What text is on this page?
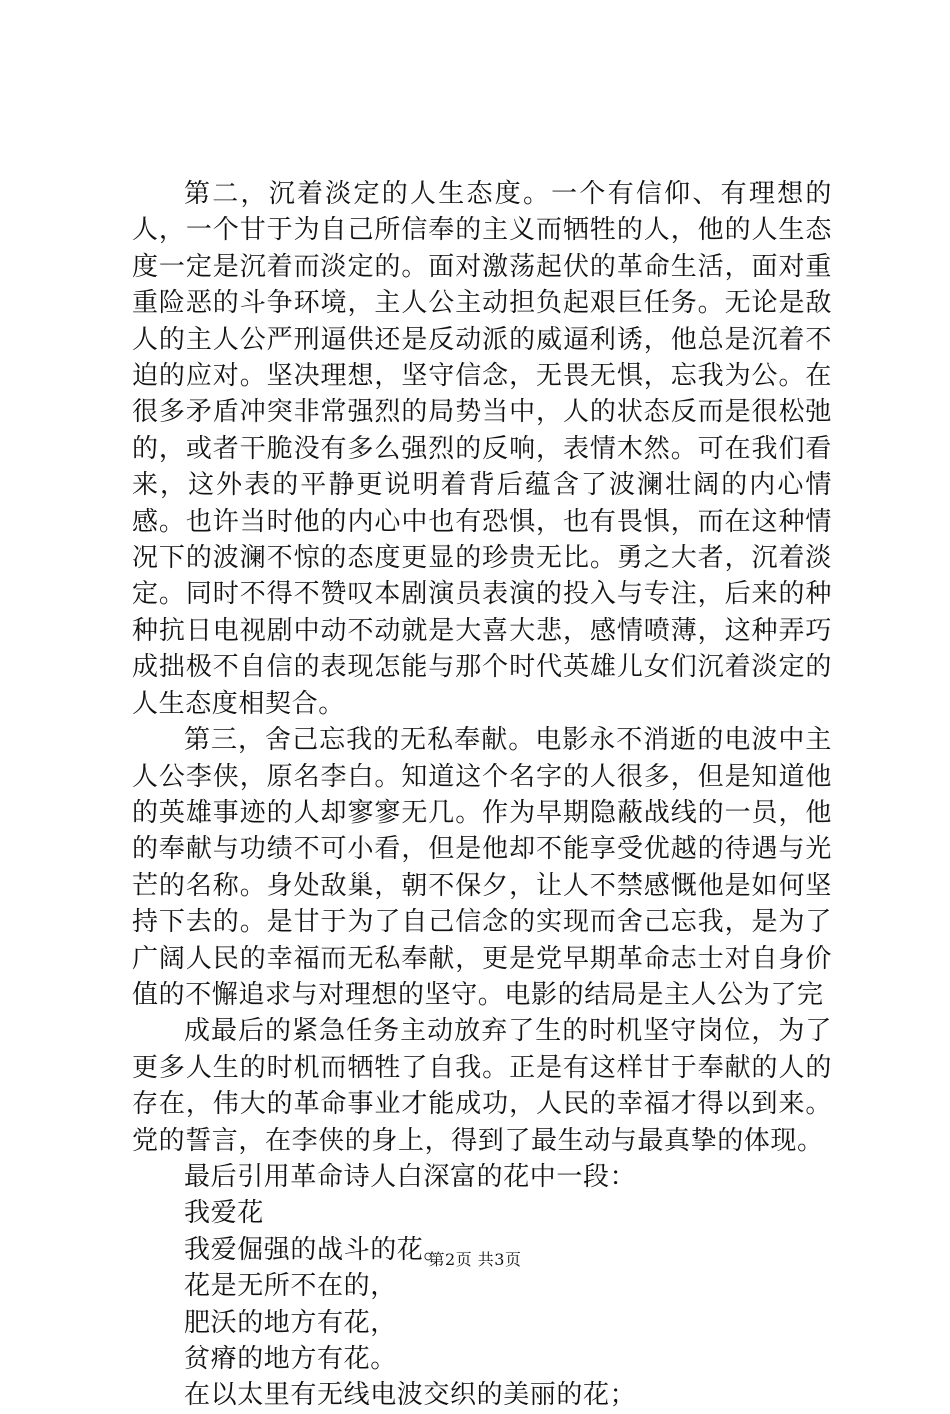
第二，沉着淡定的人生态度。一个有信仰、有理想的人，一个甘于为自己所信奉的主义而牺牲的人，他的人生态度一定是沉着而淡定的。面对激荡起伏的革命生活，面对重重险恶的斗争环境，主人公主动担负起艰巨任务。无论是敌人的主人公严刑逼供还是反动派的威逼利诱，他总是沉着不迫的应对。坚决理想，坚守信念，无畏无惧，忘我为公。在很多矛盾冲突非常强烈的局势当中，人的状态反而是很松弛的，或者干脆没有多么强烈的反响，表情木然。可在我们看来，这外表的平静更说明着背后蕴含了波澜壮阔的内心情感。也许当时他的内心中也有恐惧，也有畏惧，而在这种情况下的波澜不惊的态度更显的珍贵无比。勇之大者，沉着淡定。同时不得不赞叹本剧演员表演的投入与专注，后来的种种抗日电视剧中动不动就是大喜大悲，感情喷薄，这种弄巧成拙极不自信的表现怎能与那个时代英雄儿女们沉着淡定的人生态度相契合。

第三，舍己忘我的无私奉献。电影永不消逝的电波中主人公李侠，原名李白。知道这个名字的人很多，但是知道他的英雄事迹的人却寥寥无几。作为早期隐蔽战线的一员，他的奉献与功绩不可小看，但是他却不能享受优越的待遇与光芒的名称。身处敌巢，朝不保夕，让人不禁感慨他是如何坚持下去的。是甘于为了自己信念的实现而舍己忘我，是为了广阔人民的幸福而无私奉献，更是党早期革命志士对自身价值的不懈追求与对理想的坚守。电影的结局是主人公为了完

成最后的紧急任务主动放弃了生的时机坚守岗位，为了更多人生的时机而牺牲了自我。正是有这样甘于奉献的人的存在，伟大的革命事业才能成功，人民的幸福才得以到来。党的誓言，在李侠的身上，得到了最生动与最真挚的体现。

最后引用革命诗人白深富的花中一段：

我爱花

我爱倔强的战斗的花。

花是无所不在的，

肥沃的地方有花，

贫瘠的地方有花。

在以太里有无线电波交织的美丽的花；

第2页 共3页
